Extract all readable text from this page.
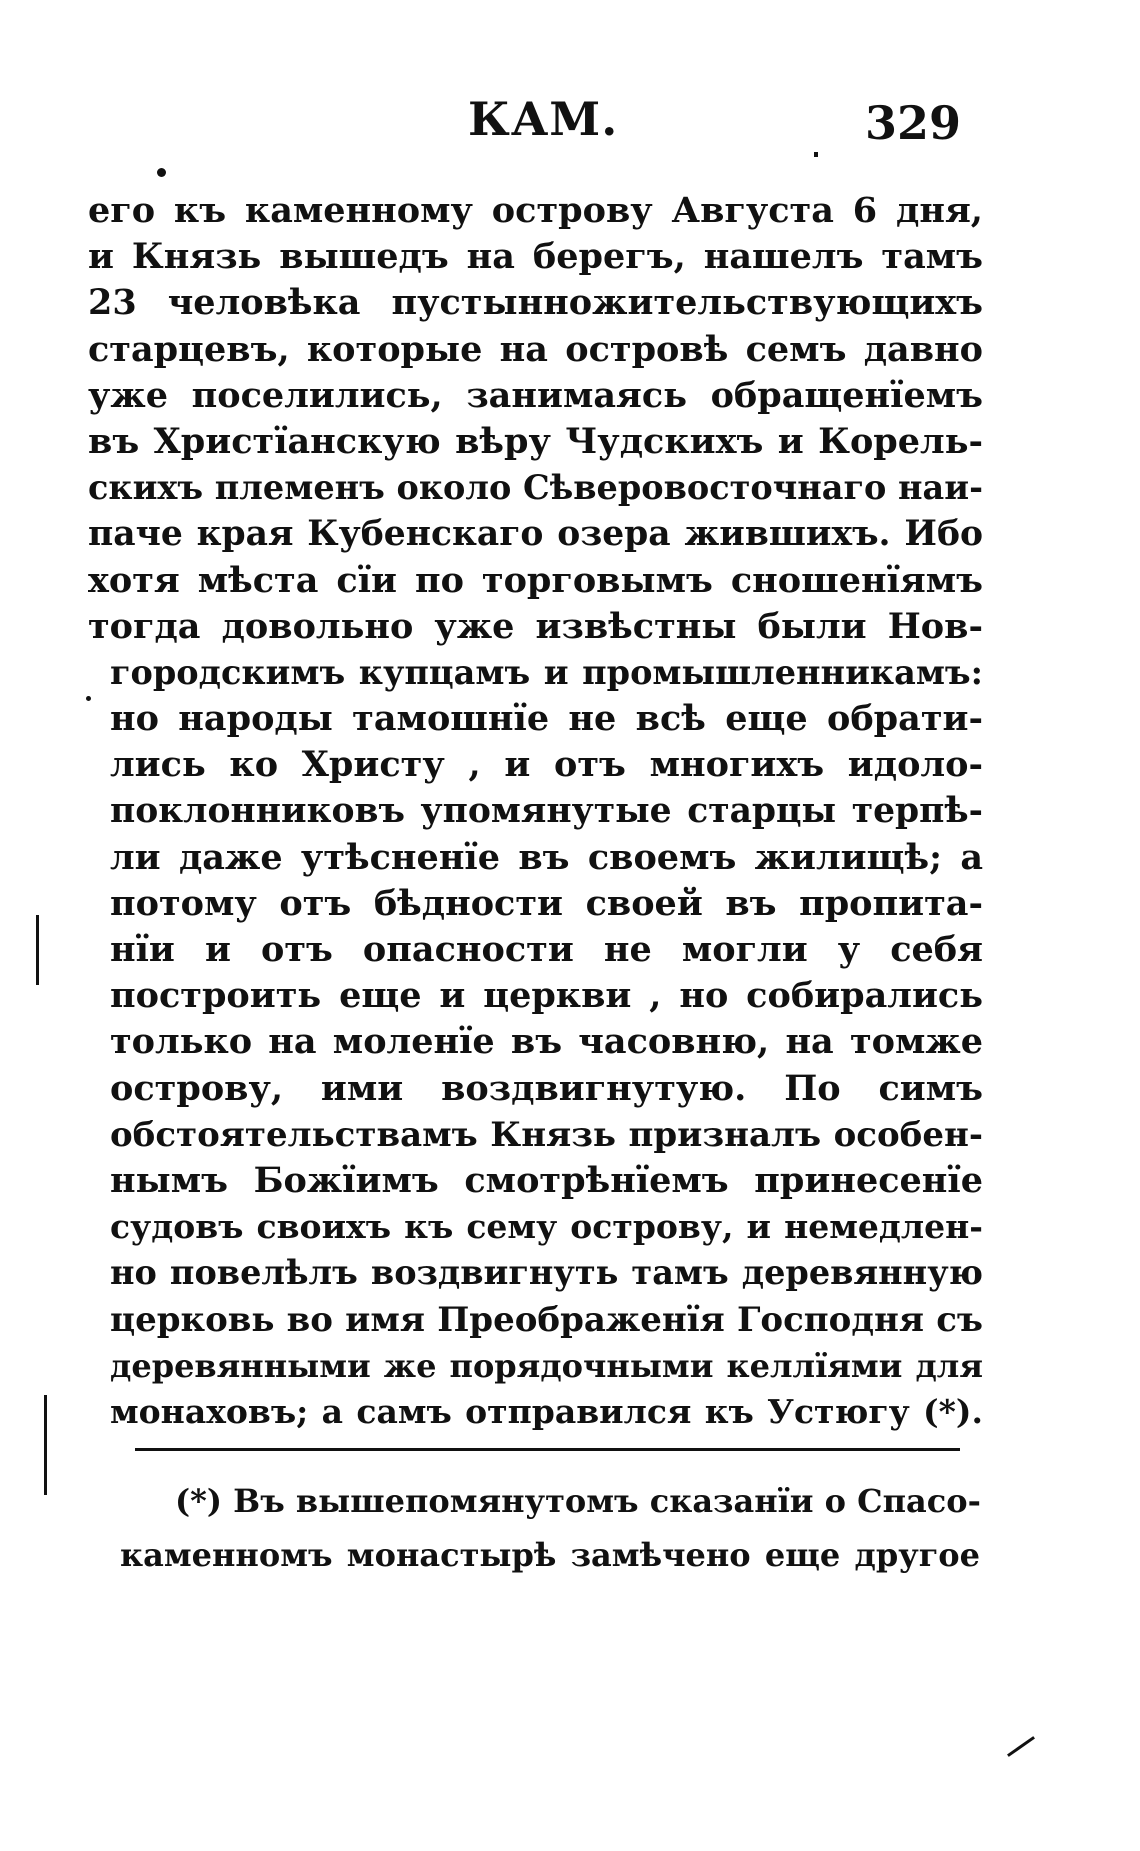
КАМ.	329
его къ каменному острову Августа 6 дня,
и Князь вышедъ на берегъ, нашелъ тамъ
23 человѣка пустынножительствующихъ
старцевъ, которые на островѣ семъ давно
уже поселились, занимаясь обращенїемъ
въ Христїанскую вѣру Чудскихъ и Корель-
скихъ племенъ около Сѣверовосточнаго наи-
паче края Кубенскаго озера жившихъ. Ибо
хотя мѣста сїи по торговымъ сношенїямъ
тогда довольно уже извѣстны были Нов-
городскимъ купцамъ и промышленникамъ:
но народы тамошнїе не всѣ еще обрати-
лись ко Христу , и отъ многихъ идоло-
поклонниковъ упомянутые старцы терпѣ-
ли даже утѣсненїе въ своемъ жилищѣ; а
потому отъ бѣдности своей въ пропита-
нїи и отъ опасности не могли у себя
построить еще и церкви , но собирались
только на моленїе въ часовню, на томже
острову, ими воздвигнутую. По симъ
обстоятельствамъ Князь призналъ особен-
нымъ Божїимъ смотрѣнїемъ принесенїе
судовъ своихъ къ сему острову, и немедлен-
но повелѣлъ воздвигнуть тамъ деревянную
церковь во имя Преображенїя Господня съ
деревянными же порядочными келлїями для
монаховъ; а самъ отправился къ Устюгу (*).
(*) Въ вышепомянутомъ сказанїи о Спасо-
каменномъ монастырѣ замѣчено еще другое
